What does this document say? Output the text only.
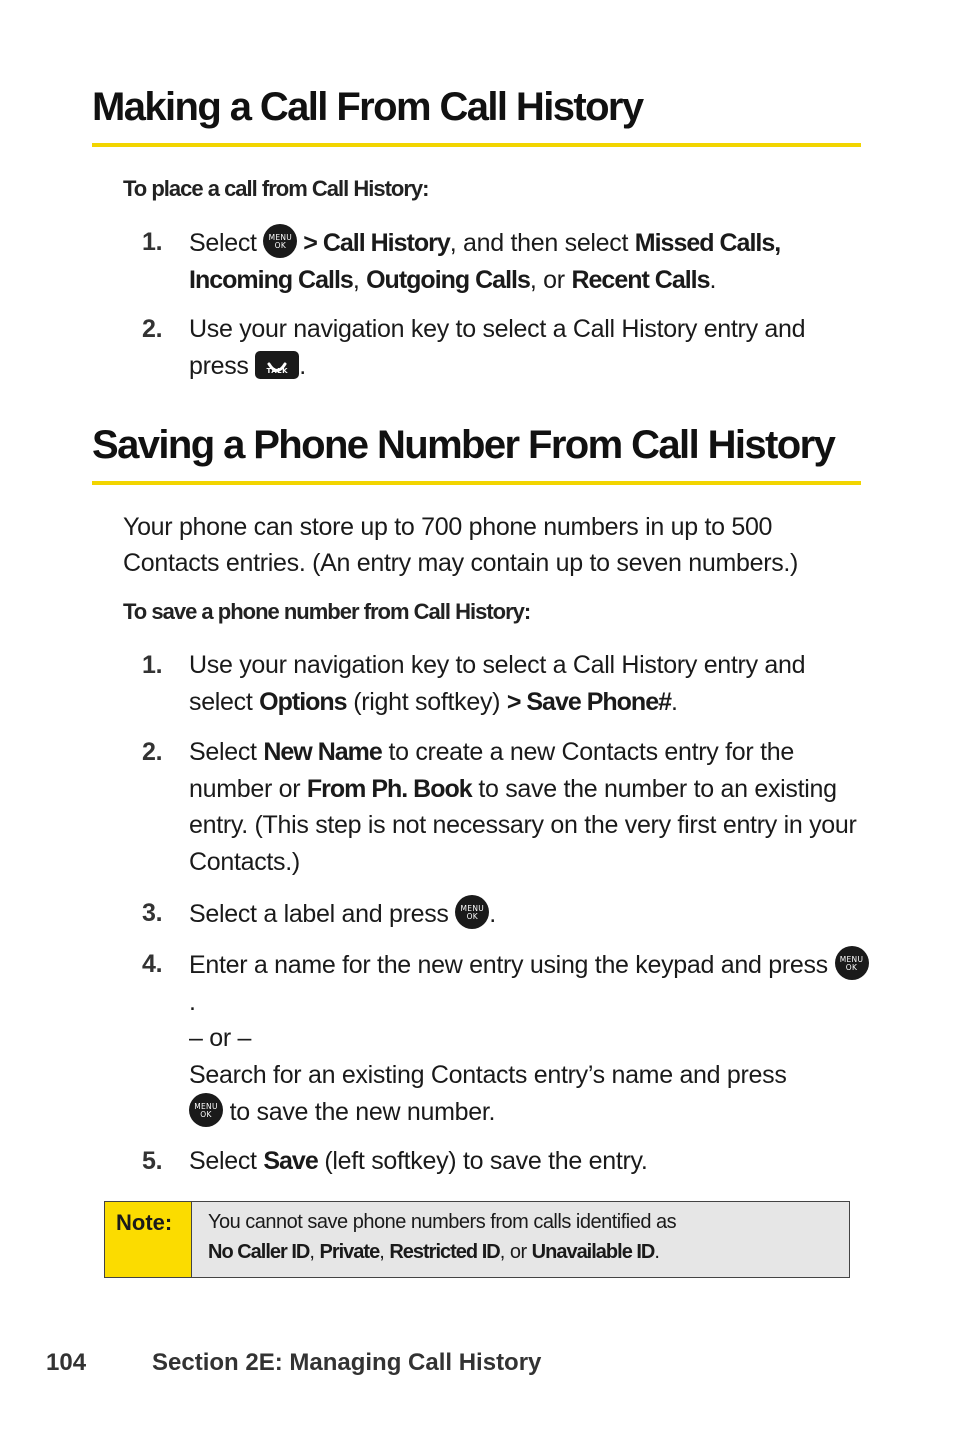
Making a Call From Call History
To place a call from Call History:
1. Select	MENU
OK > Call History, and then select Missed Calls,
Incoming Calls, Outgoing Calls, or Recent Calls.
2. Use your navigation key to select a Call History entry and press	TALK .
Saving a Phone Number From Call History

Your phone can store up to 700 phone numbers in up to 500 Contacts entries. (An entry may contain up to seven numbers.)

To save a phone number from Call History:
1. Use your navigation key to select a Call History entry and select Options (right softkey) > Save Phone#.
2. Select New Name to create a new Contacts entry for the number or From Ph. Book to save the number to an existing entry. (This step is not necessary on the very first entry in your Contacts.)
3. Select a label and press	MENU
OK .
4. Enter a name for the new entry using the keypad and press	MENU
OK
.
– or –
Search for an existing Contacts entry’s name and press

MENU
OK to save the new number.
5. Select Save (left softkey) to save the entry.
Note: You cannot save phone numbers from calls identified as
No Caller ID, Private, Restricted ID, or Unavailable ID.
104	Section 2E: Managing Call History
